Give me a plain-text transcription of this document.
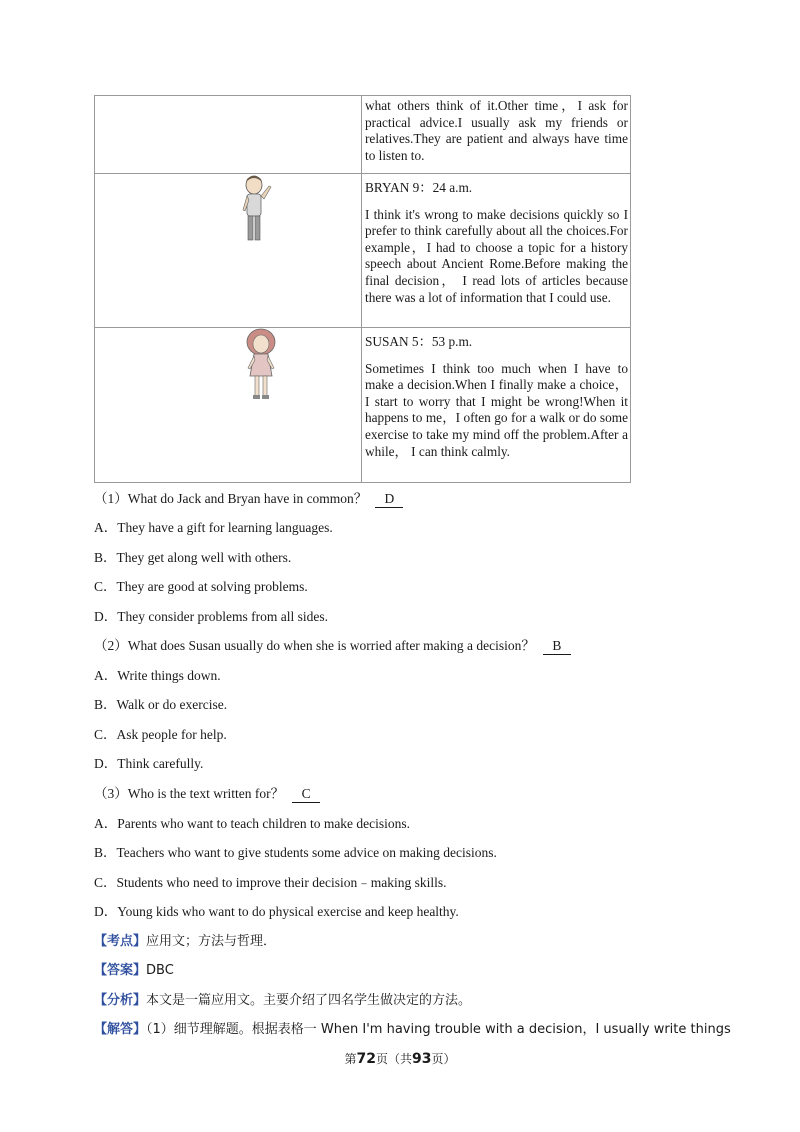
	what others think of it.Other time，I ask for practical advice.I usually ask my friends or relatives.They are patient and always have time to listen to.

	BRYAN 9：24 a.m.
I think it's wrong to make decisions quickly so I prefer to think carefully about all the choices.For example，I had to choose a topic for a history speech about Ancient Rome.Before making the final decision， I read lots of articles because there was a lot of information that I could use.

	SUSAN 5：53 p.m.
Sometimes I think too much when I have to make a decision.When I finally make a choice， I start to worry that I might be wrong!When it happens to me，I often go for a walk or do some exercise to take my mind off the problem.After a while， I can think calmly.
（1）What do Jack and Bryan have in common？ D
A．They have a gift for learning languages.
B．They get along well with others.
C．They are good at solving problems.
D．They consider problems from all sides.
（2）What does Susan usually do when she is worried after making a decision？ B
A．Write things down.
B．Walk or do exercise.
C．Ask people for help.
D．Think carefully.
（3）Who is the text written for？ C
A．Parents who want to teach children to make decisions.
B．Teachers who want to give students some advice on making decisions.
C．Students who need to improve their decision﹣making skills.
D．Young kids who want to do physical exercise and keep healthy.
【考点】应用文；方法与哲理．
【答案】DBC
【分析】本文是一篇应用文。主要介绍了四名学生做决定的方法。
【解答】（1）细节理解题。根据表格一 When I'm having trouble with a decision，I usually write things
第72页（共93页）
